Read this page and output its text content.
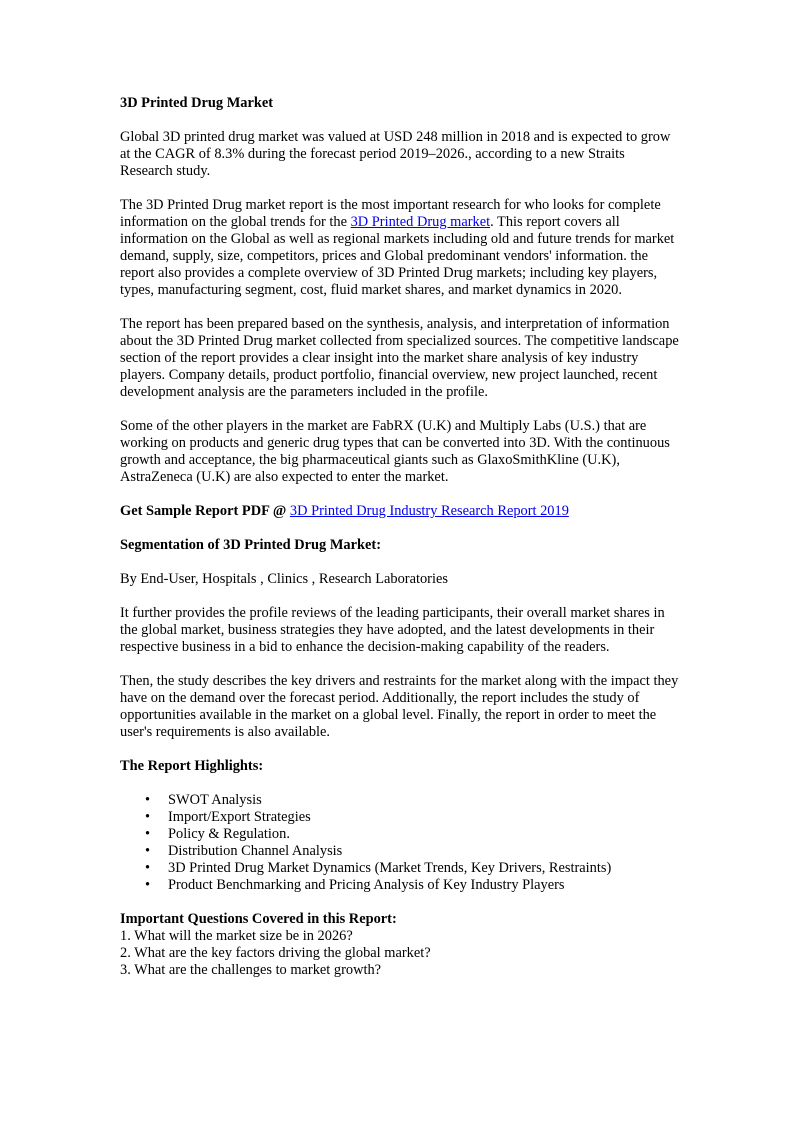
3D Printed Drug Market

Global 3D printed drug market was valued at USD 248 million in 2018 and is expected to grow at the CAGR of 8.3% during the forecast period 2019–2026., according to a new Straits Research study.

The 3D Printed Drug market report is the most important research for who looks for complete information on the global trends for the 3D Printed Drug market. This report covers all information on the Global as well as regional markets including old and future trends for market demand, supply, size, competitors, prices and Global predominant vendors' information. the report also provides a complete overview of 3D Printed Drug markets; including key players, types, manufacturing segment, cost, fluid market shares, and market dynamics in 2020.

The report has been prepared based on the synthesis, analysis, and interpretation of information about the 3D Printed Drug market collected from specialized sources. The competitive landscape section of the report provides a clear insight into the market share analysis of key industry players. Company details, product portfolio, financial overview, new project launched, recent development analysis are the parameters included in the profile.

Some of the other players in the market are FabRX (U.K) and Multiply Labs (U.S.) that are working on products and generic drug types that can be converted into 3D. With the continuous growth and acceptance, the big pharmaceutical giants such as GlaxoSmithKline (U.K), AstraZeneca (U.K) are also expected to enter the market.

Get Sample Report PDF @ 3D Printed Drug Industry Research Report 2019

Segmentation of 3D Printed Drug Market:

By End-User, Hospitals , Clinics , Research Laboratories

It further provides the profile reviews of the leading participants, their overall market shares in the global market, business strategies they have adopted, and the latest developments in their respective business in a bid to enhance the decision-making capability of the readers.

Then, the study describes the key drivers and restraints for the market along with the impact they have on the demand over the forecast period. Additionally, the report includes the study of opportunities available in the market on a global level. Finally, the report in order to meet the user's requirements is also available.

The Report Highlights:
• SWOT Analysis
• Import/Export Strategies
• Policy & Regulation.
• Distribution Channel Analysis
• 3D Printed Drug Market Dynamics (Market Trends, Key Drivers, Restraints)
• Product Benchmarking and Pricing Analysis of Key Industry Players
Important Questions Covered in this Report:
1. What will the market size be in 2026?
2. What are the key factors driving the global market?
3. What are the challenges to market growth?
